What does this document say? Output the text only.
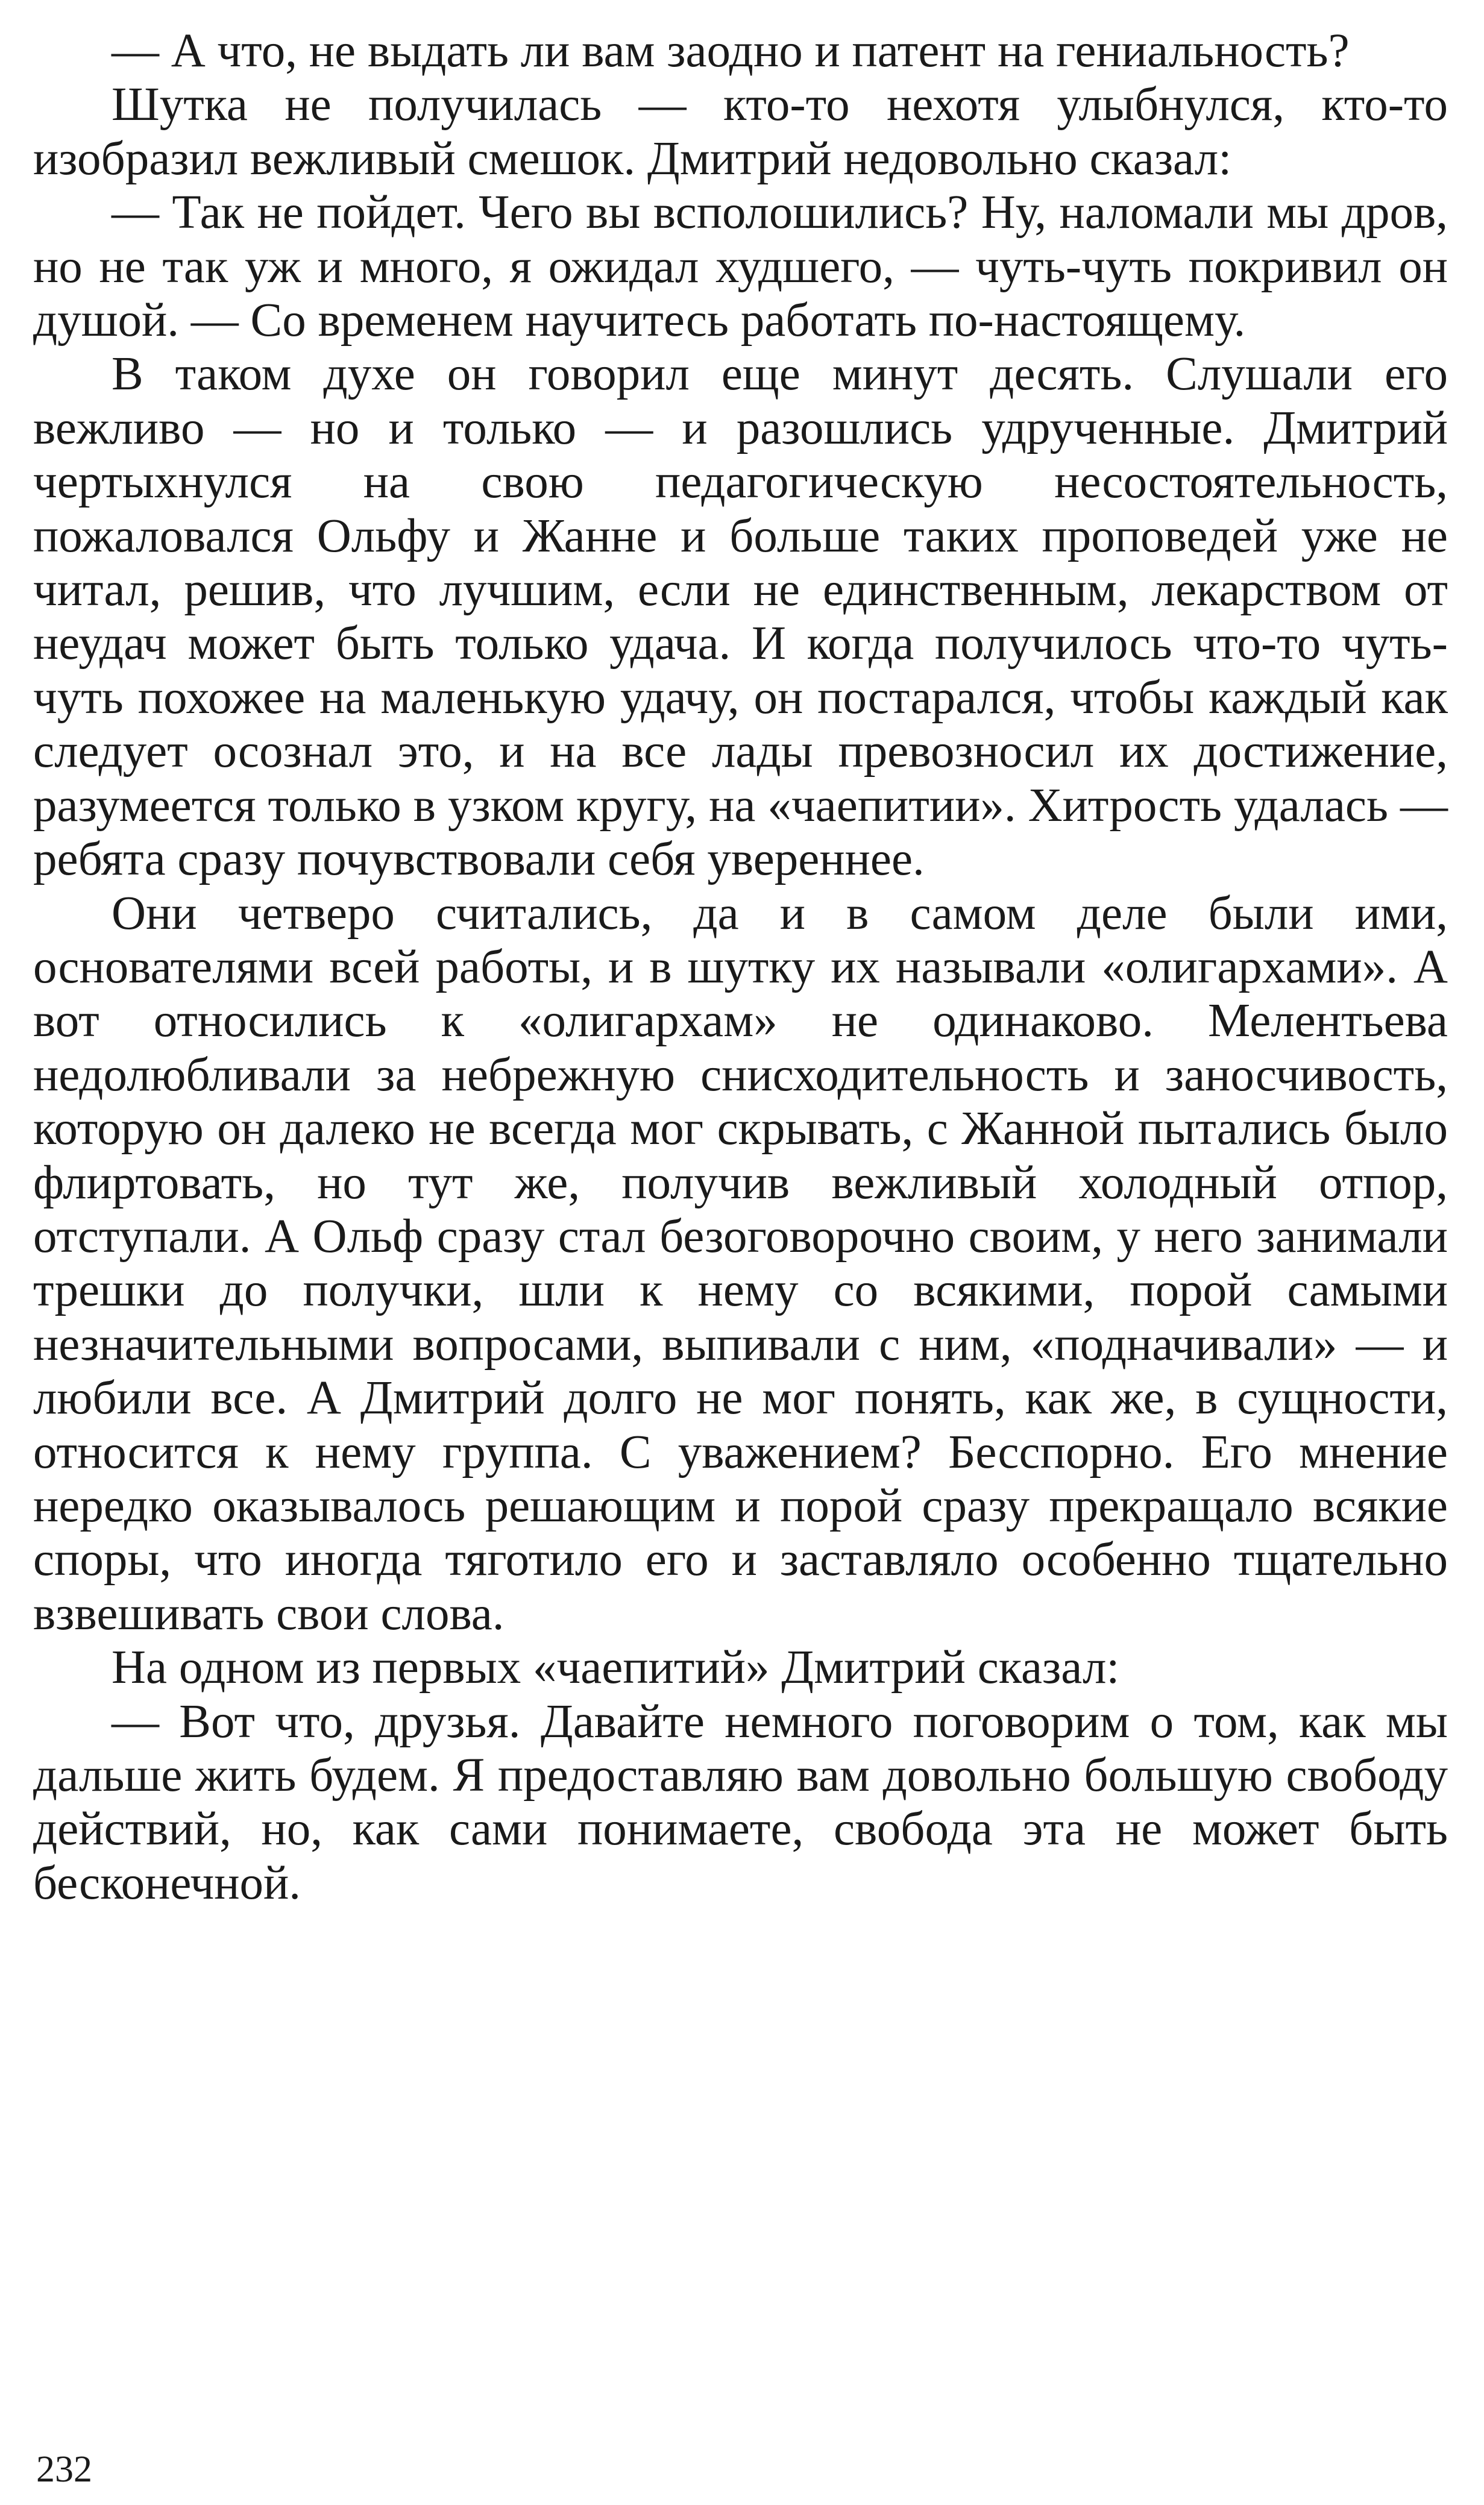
— А что, не выдать ли вам заодно и патент на гениальность?

Шутка не получилась — кто-то нехотя улыбнулся, кто-то изобразил вежливый смешок. Дмитрий недовольно сказал:

— Так не пойдет. Чего вы всполошились? Ну, наломали мы дров, но не так уж и много, я ожидал худшего, — чуть-чуть покривил он душой. — Со временем научитесь работать по-настоящему.

В таком духе он говорил еще минут десять. Слушали его вежливо — но и только — и разошлись удрученные. Дмитрий чертыхнулся на свою педагогическую несостоятельность, пожаловался Ольфу и Жанне и больше таких проповедей уже не читал, решив, что лучшим, если не единственным, лекарством от неудач может быть только удача. И когда получилось что-то чуть-чуть похожее на маленькую удачу, он постарался, чтобы каждый как следует осознал это, и на все лады превозносил их достижение, разумеется только в узком кругу, на «чаепитии». Хитрость удалась — ребята сразу почувствовали себя увереннее.

Они четверо считались, да и в самом деле были ими, основателями всей работы, и в шутку их называли «олигархами». А вот относились к «олигархам» не одинаково. Мелентьева недолюбливали за небрежную снисходительность и заносчивость, которую он далеко не всегда мог скрывать, с Жанной пытались было флиртовать, но тут же, получив вежливый холодный отпор, отступали. А Ольф сразу стал безоговорочно своим, у него занимали трешки до получки, шли к нему со всякими, порой самыми незначительными вопросами, выпивали с ним, «подначивали» — и любили все. А Дмитрий долго не мог понять, как же, в сущности, относится к нему группа. С уважением? Бесспорно. Его мнение нередко оказывалось решающим и порой сразу прекращало всякие споры, что иногда тяготило его и заставляло особенно тщательно взвешивать свои слова.

На одном из первых «чаепитий» Дмитрий сказал:

— Вот что, друзья. Давайте немного поговорим о том, как мы дальше жить будем. Я предоставляю вам довольно большую свободу действий, но, как сами понимаете, свобода эта не может быть бесконечной.

232
